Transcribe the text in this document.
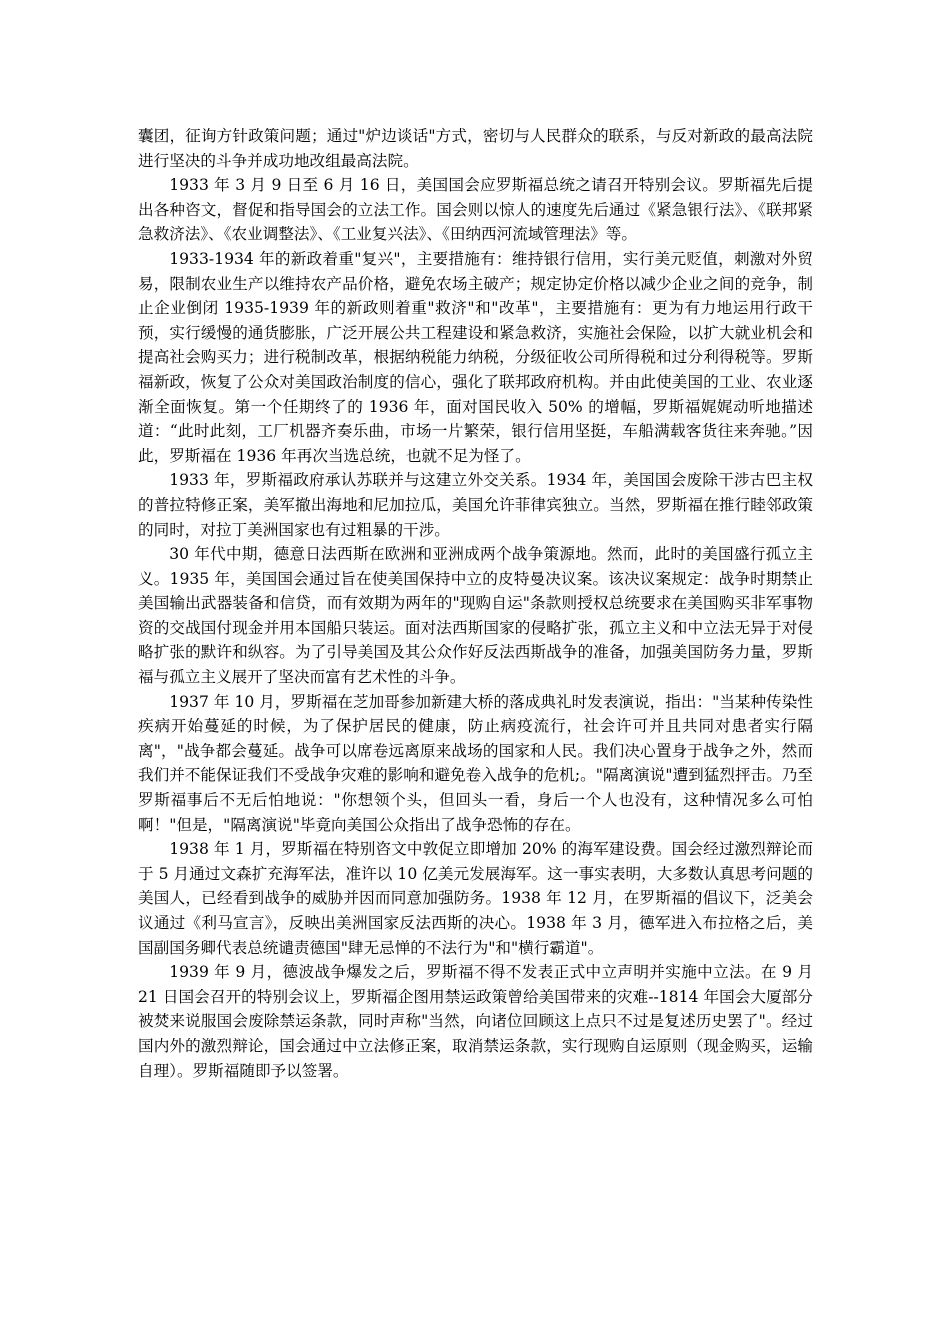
囊团，征询方针政策问题；通过"炉边谈话"方式，密切与人民群众的联系，与反对新政的最高法院进行坚决的斗争并成功地改组最高法院。

1933 年 3 月 9 日至 6 月 16 日，美国国会应罗斯福总统之请召开特别会议。罗斯福先后提出各种咨文，督促和指导国会的立法工作。国会则以惊人的速度先后通过《紧急银行法》、《联邦紧急救济法》、《农业调整法》、《工业复兴法》、《田纳西河流域管理法》等。

1933-1934 年的新政着重"复兴"，主要措施有：维持银行信用，实行美元贬值，刺激对外贸易，限制农业生产以维持农产品价格，避免农场主破产；规定协定价格以减少企业之间的竞争，制止企业倒闭 1935-1939 年的新政则着重"救济"和"改革"，主要措施有：更为有力地运用行政干预，实行缓慢的通货膨胀，广泛开展公共工程建设和紧急救济，实施社会保险，以扩大就业机会和提高社会购买力；进行税制改革，根据纳税能力纳税，分级征收公司所得税和过分利得税等。罗斯福新政，恢复了公众对美国政治制度的信心，强化了联邦政府机构。并由此使美国的工业、农业逐渐全面恢复。第一个任期终了的 1936 年，面对国民收入 50% 的增幅，罗斯福娓娓动听地描述道：“此时此刻，工厂机器齐奏乐曲，市场一片繁荣，银行信用坚挺，车船满载客货往来奔驰。”因此，罗斯福在 1936 年再次当选总统，也就不足为怪了。

1933 年，罗斯福政府承认苏联并与这建立外交关系。1934 年，美国国会废除干涉古巴主权的普拉特修正案，美军撤出海地和尼加拉瓜，美国允许菲律宾独立。当然，罗斯福在推行睦邻政策的同时，对拉丁美洲国家也有过粗暴的干涉。

30 年代中期，德意日法西斯在欧洲和亚洲成两个战争策源地。然而，此时的美国盛行孤立主义。1935 年，美国国会通过旨在使美国保持中立的皮特曼决议案。该决议案规定：战争时期禁止美国输出武器装备和信贷，而有效期为两年的"现购自运"条款则授权总统要求在美国购买非军事物资的交战国付现金并用本国船只装运。面对法西斯国家的侵略扩张，孤立主义和中立法无异于对侵略扩张的默许和纵容。为了引导美国及其公众作好反法西斯战争的准备，加强美国防务力量，罗斯福与孤立主义展开了坚决而富有艺术性的斗争。

1937 年 10 月，罗斯福在芝加哥参加新建大桥的落成典礼时发表演说，指出："当某种传染性疾病开始蔓延的时候，为了保护居民的健康，防止病疫流行，社会许可并且共同对患者实行隔离"，"战争都会蔓延。战争可以席卷远离原来战场的国家和人民。我们决心置身于战争之外，然而我们并不能保证我们不受战争灾难的影响和避免卷入战争的危机;。"隔离演说"遭到猛烈抨击。乃至罗斯福事后不无后怕地说："你想领个头，但回头一看，身后一个人也没有，这种情况多么可怕啊！"但是，"隔离演说"毕竟向美国公众指出了战争恐怖的存在。

1938 年 1 月，罗斯福在特别咨文中敦促立即增加 20% 的海军建设费。国会经过激烈辩论而于 5 月通过文森扩充海军法，准许以 10 亿美元发展海军。这一事实表明，大多数认真思考问题的美国人，已经看到战争的威胁并因而同意加强防务。1938 年 12 月，在罗斯福的倡议下，泛美会议通过《利马宣言》，反映出美洲国家反法西斯的决心。1938 年 3 月，德军进入布拉格之后，美国副国务卿代表总统谴责德国"肆无忌惮的不法行为"和"横行霸道"。

1939 年 9 月，德波战争爆发之后，罗斯福不得不发表正式中立声明并实施中立法。在 9 月 21 日国会召开的特别会议上，罗斯福企图用禁运政策曾给美国带来的灾难--1814 年国会大厦部分被焚来说服国会废除禁运条款，同时声称"当然，向诸位回顾这上点只不过是复述历史罢了"。经过国内外的激烈辩论，国会通过中立法修正案，取消禁运条款，实行现购自运原则（现金购买，运输自理）。罗斯福随即予以签署。
